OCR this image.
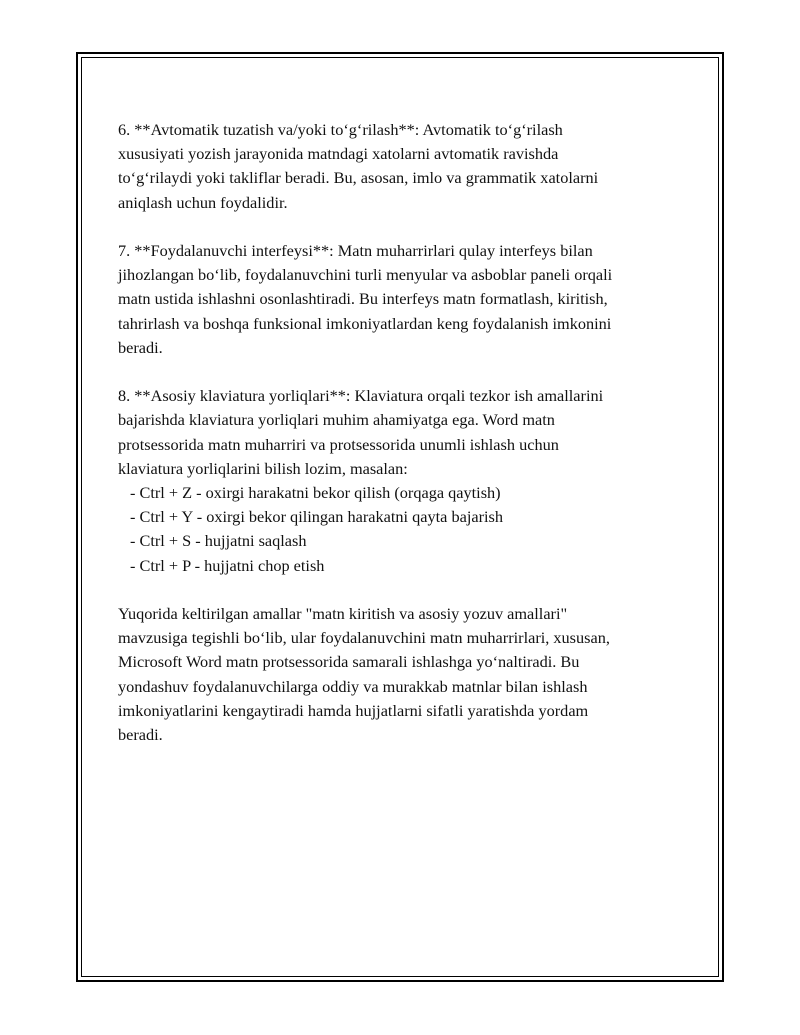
6. **Avtomatik tuzatish va/yoki to‘g‘rilash**: Avtomatik to‘g‘rilash
xususiyati yozish jarayonida matndagi xatolarni avtomatik ravishda
to‘g‘rilaydi yoki takliflar beradi. Bu, asosan, imlo va grammatik xatolarni
aniqlash uchun foydalidir.

7. **Foydalanuvchi interfeysi**: Matn muharrirlari qulay interfeys bilan
jihozlangan bo‘lib, foydalanuvchini turli menyular va asboblar paneli orqali
matn ustida ishlashni osonlashtiradi. Bu interfeys matn formatlash, kiritish,
tahrirlash va boshqa funksional imkoniyatlardan keng foydalanish imkonini
beradi.

8. **Asosiy klaviatura yorliqlari**: Klaviatura orqali tezkor ish amallarini
bajarishda klaviatura yorliqlari muhim ahamiyatga ega. Word matn
protsessorida matn muharriri va protsessorida unumli ishlash uchun
klaviatura yorliqlarini bilish lozim, masalan:

- Ctrl + Z - oxirgi harakatni bekor qilish (orqaga qaytish)
- Ctrl + Y - oxirgi bekor qilingan harakatni qayta bajarish
- Ctrl + S - hujjatni saqlash
- Ctrl + P - hujjatni chop etish

Yuqorida keltirilgan amallar "matn kiritish va asosiy yozuv amallari"
mavzusiga tegishli bo‘lib, ular foydalanuvchini matn muharrirlari, xususan,
Microsoft Word matn protsessorida samarali ishlashga yo‘naltiradi. Bu
yondashuv foydalanuvchilarga oddiy va murakkab matnlar bilan ishlash
imkoniyatlarini kengaytiradi hamda hujjatlarni sifatli yaratishda yordam
beradi.
